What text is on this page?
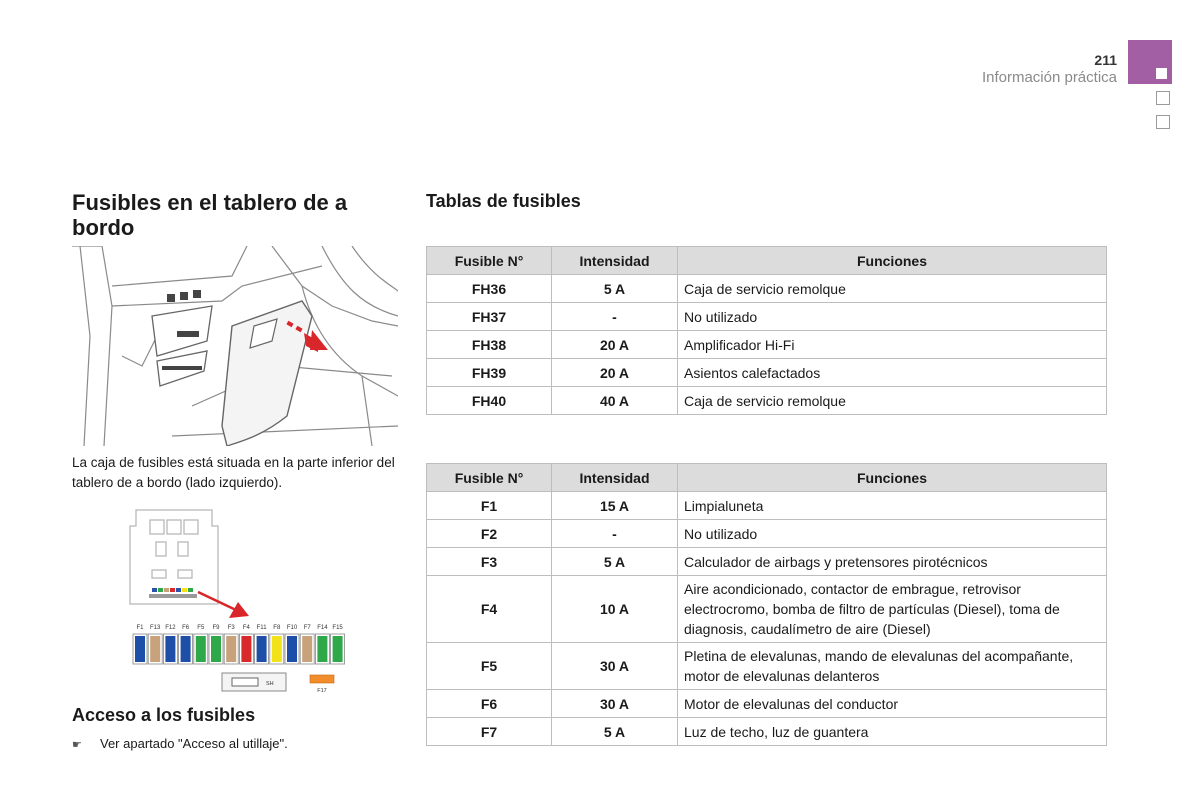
211
Información práctica
Fusibles en el tablero de a bordo
La caja de fusibles está situada en la parte inferior del tablero de a bordo (lado izquierdo).
F1 F13 F12 F6 F5 F9 F3 F4 F11 F8 F10 F7 F14 F15
SH
F17
Acceso a los fusibles
☛ Ver apartado "Acceso al utillaje".
Tablas de fusibles
Fusible N°	Intensidad	Funciones
FH36	5 A	Caja de servicio remolque
FH37	-	No utilizado
FH38	20 A	Amplificador Hi-Fi
FH39	20 A	Asientos calefactados
FH40	40 A	Caja de servicio remolque
Fusible N°	Intensidad	Funciones
F1	15 A	Limpialuneta
F2	-	No utilizado
F3	5 A	Calculador de airbags y pretensores pirotécnicos
F4	10 A	Aire acondicionado, contactor de embrague, retrovisor electrocromo, bomba de filtro de partículas (Diesel), toma de diagnosis, caudalímetro de aire (Diesel)
F5	30 A	Pletina de elevalunas, mando de elevalunas del acompañante, motor de elevalunas delanteros
F6	30 A	Motor de elevalunas del conductor
F7	5 A	Luz de techo, luz de guantera
